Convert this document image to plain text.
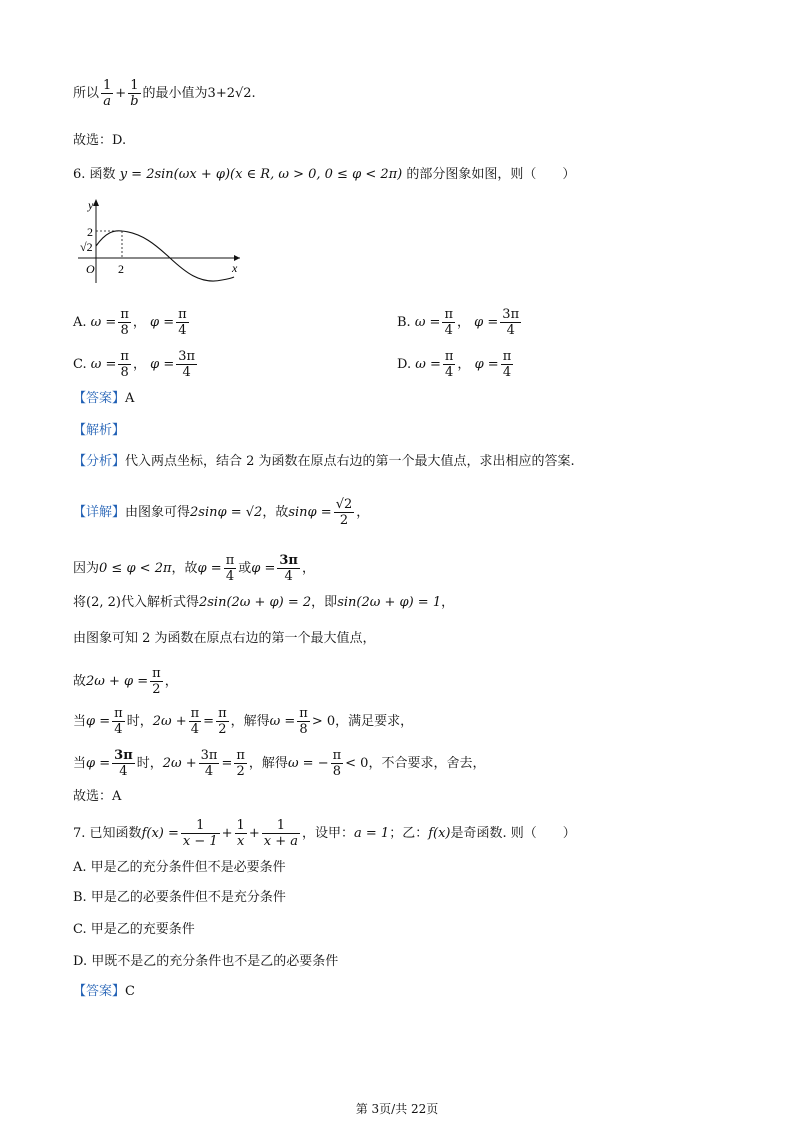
所以 $\frac{1}{a} + \frac{1}{b}$ 的最小值为3+2√2.
故选：D.
6. 函数 y = 2sin(ωx + φ)(x ∈ R, ω > 0, 0 ≤ φ < 2π) 的部分图象如图，则（　　）
y
x
O
2
√2
2
A. $\omega = \frac{\pi}{8}$ ， $\varphi = \frac{\pi}{4}$	B. $\omega = \frac{\pi}{4}$ ， $\varphi = \frac{3\pi}{4}$
C. $\omega = \frac{\pi}{8}$ ， $\varphi = \frac{3\pi}{4}$	D. $\omega = \frac{\pi}{4}$ ， $\varphi = \frac{\pi}{4}$
【答案】A
【解析】
【分析】代入两点坐标，结合 2 为函数在原点右边的第一个最大值点，求出相应的答案.
【详解】由图象可得2sinφ = √2，故$\sin\varphi = \frac{√2}{2}$ ，
因为0 ≤ φ < 2π，故$\varphi = \frac{\pi}{4}$ 或$\varphi = \frac{3\pi}{4}$ ，
将(2, 2)代入解析式得2sin(2ω + φ) = 2，即sin(2ω + φ) = 1，
由图象可知 2 为函数在原点右边的第一个最大值点，
故$2\omega + \varphi = \frac{\pi}{2}$ ，
当$\varphi = \frac{\pi}{4}$ 时，$2\omega + \frac{\pi}{4} = \frac{\pi}{2}$ ，解得$\omega = \frac{\pi}{8} > 0$，满足要求，
当$\varphi = \frac{3\pi}{4}$ 时，$2\omega + \frac{3\pi}{4} = \frac{\pi}{2}$ ，解得ω = − $\frac{\pi}{8} < 0$，不合要求，舍去，
故选：A
7. 已知函数$f(x) = \frac{1}{x - 1} + \frac{1}{x} + \frac{1}{x + a}$ ，设甲：a = 1；乙：f(x)是奇函数. 则（　　）
A. 甲是乙的充分条件但不是必要条件
B. 甲是乙的必要条件但不是充分条件
C. 甲是乙的充要条件
D. 甲既不是乙的充分条件也不是乙的必要条件
【答案】C
第 3页/共 22页
